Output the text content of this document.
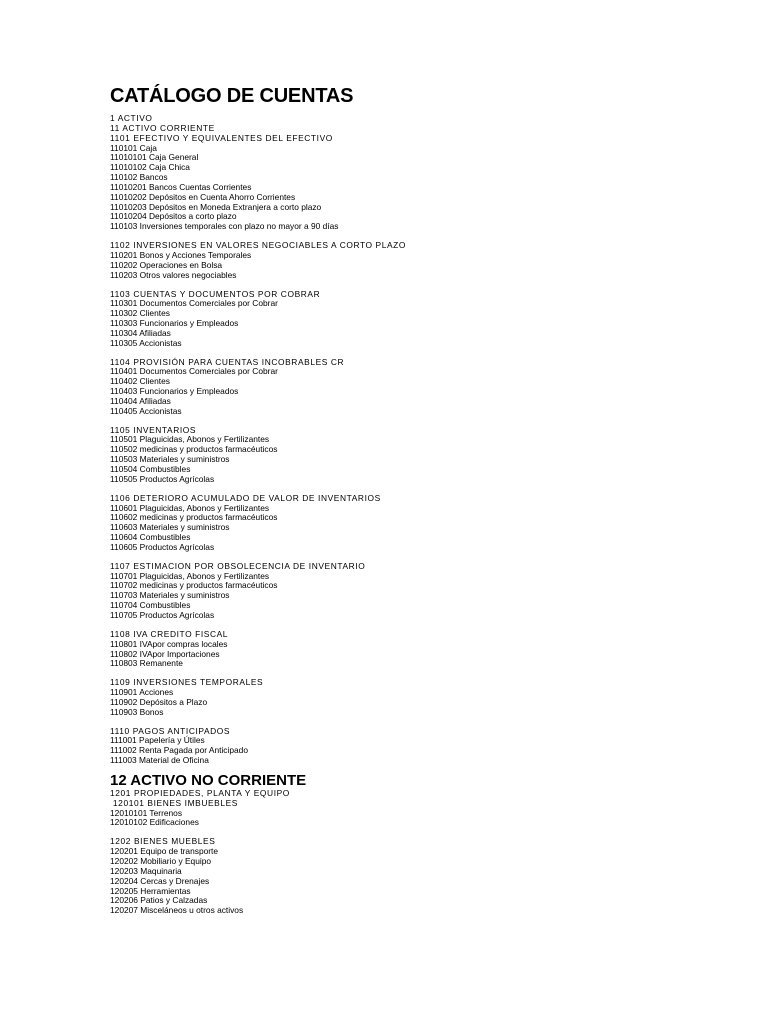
CATÁLOGO DE CUENTAS
1 ACTIVO
11 ACTIVO CORRIENTE
1101 EFECTIVO Y EQUIVALENTES DEL EFECTIVO
110101 Caja
11010101 Caja General
11010102 Caja Chica
110102 Bancos
11010201 Bancos Cuentas Corrientes
11010202 Depósitos en Cuenta Ahorro Corrientes
11010203 Depósitos en Moneda Extranjera a corto plazo
11010204 Depósitos a corto plazo
110103 Inversiones temporales con plazo no mayor a 90 días
1102 INVERSIONES EN VALORES NEGOCIABLES A CORTO PLAZO
110201 Bonos y Acciones Temporales
110202 Operaciones en Bolsa
110203 Otros valores negociables
1103 CUENTAS Y DOCUMENTOS POR COBRAR
110301 Documentos Comerciales por Cobrar
110302 Clientes
110303 Funcionarios y Empleados
110304 Afiliadas
110305 Accionistas
1104 PROVISIÓN PARA CUENTAS INCOBRABLES CR
110401 Documentos Comerciales por Cobrar
110402 Clientes
110403 Funcionarios y Empleados
110404 Afiliadas
110405 Accionistas
1105 INVENTARIOS
110501 Plaguicidas, Abonos y Fertilizantes
110502 medicinas y productos farmacéuticos
110503 Materiales y suministros
110504 Combustibles
110505 Productos Agrícolas
1106 DETERIORO ACUMULADO DE VALOR DE INVENTARIOS
110601 Plaguicidas, Abonos y Fertilizantes
110602 medicinas y productos farmacéuticos
110603 Materiales y suministros
110604 Combustibles
110605 Productos Agrícolas
1107 ESTIMACION POR OBSOLECENCIA DE INVENTARIO
110701 Plaguicidas, Abonos y Fertilizantes
110702 medicinas y productos farmacéuticos
110703 Materiales y suministros
110704 Combustibles
110705 Productos Agrícolas
1108 IVA CREDITO FISCAL
110801 IVApor compras locales
110802 IVApor Importaciones
110803 Remanente
1109 INVERSIONES TEMPORALES
110901 Acciones
110902 Depósitos a Plazo
110903 Bonos
1110 PAGOS ANTICIPADOS
111001 Papelería y Útiles
111002 Renta Pagada por Anticipado
111003 Material de Oficina
12 ACTIVO NO CORRIENTE
1201 PROPIEDADES, PLANTA Y EQUIPO
120101 BIENES IMBUEBLES
12010101 Terrenos
12010102 Edificaciones
1202 BIENES MUEBLES
120201 Equipo de transporte
120202 Mobiliario y Equipo
120203 Maquinaria
120204 Cercas y Drenajes
120205 Herramientas
120206 Patios y Calzadas
120207 Misceláneos u otros activos
